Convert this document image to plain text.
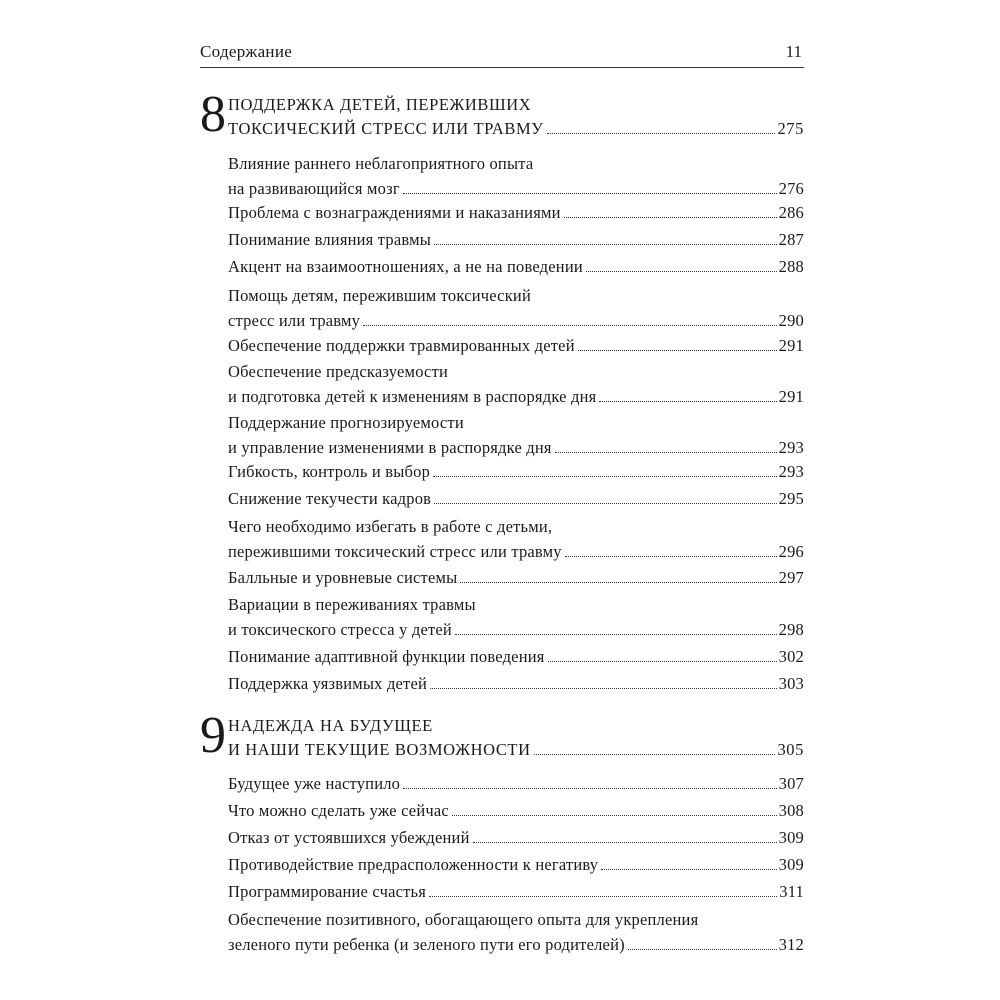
Содержание	11
8 ПОДДЕРЖКА ДЕТЕЙ, ПЕРЕЖИВШИХ
ТОКСИЧЕСКИЙ СТРЕСС ИЛИ ТРАВМУ	275
Влияние раннего неблагоприятного опыта
на развивающийся мозг	276
Проблема с вознаграждениями и наказаниями	286
Понимание влияния травмы	287
Акцент на взаимоотношениях, а не на поведении	288
Помощь детям, пережившим токсический
стресс или травму	290
Обеспечение поддержки травмированных детей	291
Обеспечение предсказуемости
и подготовка детей к изменениям в распорядке дня	291
Поддержание прогнозируемости
и управление изменениями в распорядке дня	293
Гибкость, контроль и выбор	293
Снижение текучести кадров	295
Чего необходимо избегать в работе с детьми,
пережившими токсический стресс или травму	296
Балльные и уровневые системы	297
Вариации в переживаниях травмы
и токсического стресса у детей	298
Понимание адаптивной функции поведения	302
Поддержка уязвимых детей	303
9 НАДЕЖДА НА БУДУЩЕЕ
И НАШИ ТЕКУЩИЕ ВОЗМОЖНОСТИ	305
Будущее уже наступило	307
Что можно сделать уже сейчас	308
Отказ от устоявшихся убеждений	309
Противодействие предрасположенности к негативу	309
Программирование счастья	311
Обеспечение позитивного, обогащающего опыта для укрепления
зеленого пути ребенка (и зеленого пути его родителей)	312
